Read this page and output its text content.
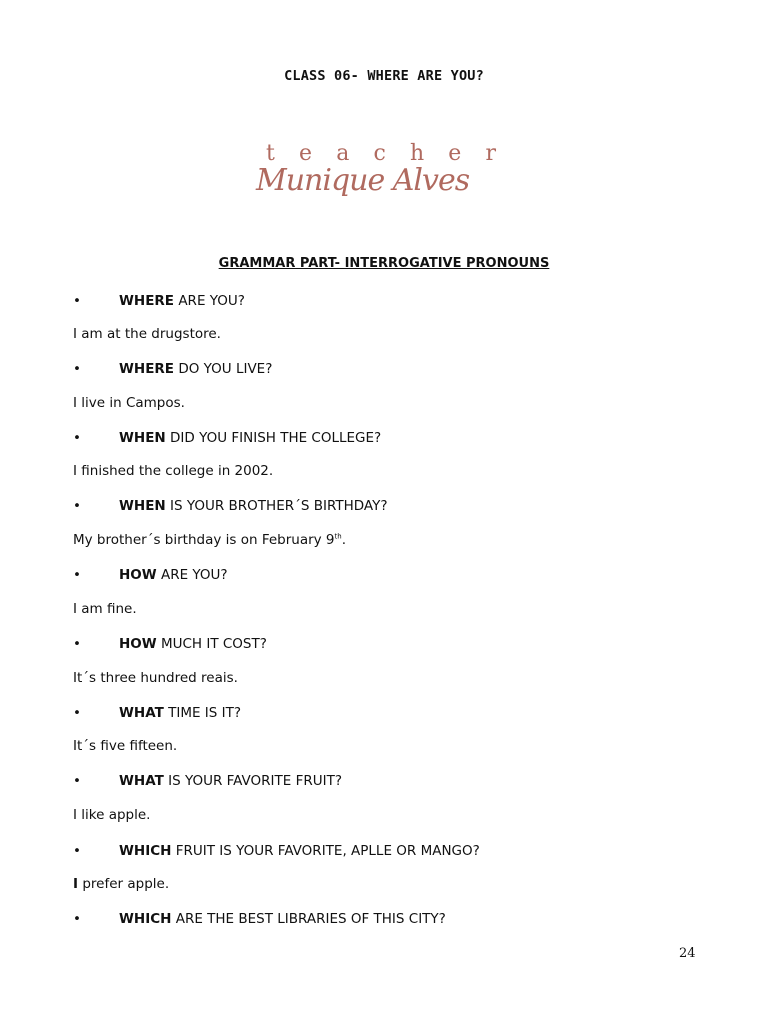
CLASS 06- WHERE ARE YOU?
t e a c h e r
Munique Alves
GRAMMAR PART- INTERROGATIVE PRONOUNS
•	WHERE ARE YOU?
I am at the drugstore.
•	WHERE DO YOU LIVE?
I live in Campos.
•	WHEN DID YOU FINISH THE COLLEGE?
I finished the college in 2002.
•	WHEN IS YOUR BROTHER´S BIRTHDAY?
My brother´s birthday is on February 9th.
•	HOW ARE YOU?
I am fine.
•	HOW MUCH IT COST?
It´s three hundred reais.
•	WHAT TIME IS IT?
It´s five fifteen.
•	WHAT IS YOUR FAVORITE FRUIT?
I like apple.
•	WHICH FRUIT IS YOUR FAVORITE, APLLE OR MANGO?
I prefer apple.
•	WHICH ARE THE BEST LIBRARIES OF THIS CITY?
24
